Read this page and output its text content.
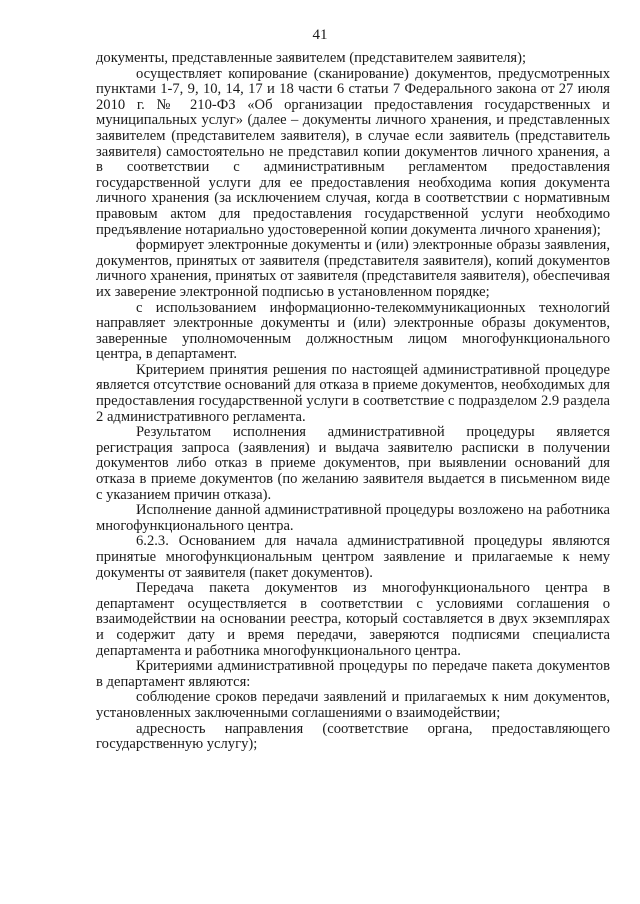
41

документы, представленные заявителем (представителем заявителя);

осуществляет копирование (сканирование) документов, предусмотренных пунктами 1-7, 9, 10, 14, 17 и 18 части 6 статьи 7 Федерального закона от 27 июля 2010 г. № 210-ФЗ «Об организации предоставления государственных и муниципальных услуг» (далее – документы личного хранения, и представленных заявителем (представителем заявителя), в случае если заявитель (представитель заявителя) самостоятельно не представил копии документов личного хранения, а в соответствии с административным регламентом предоставления государственной услуги для ее предоставления необходима копия документа личного хранения (за исключением случая, когда в соответствии с нормативным правовым актом для предоставления государственной услуги необходимо предъявление нотариально удостоверенной копии документа личного хранения);

формирует электронные документы и (или) электронные образы заявления, документов, принятых от заявителя (представителя заявителя), копий документов личного хранения, принятых от заявителя (представителя заявителя), обеспечивая их заверение электронной подписью в установленном порядке;

с использованием информационно-телекоммуникационных технологий направляет электронные документы и (или) электронные образы документов, заверенные уполномоченным должностным лицом многофункционального центра, в департамент.

Критерием принятия решения по настоящей административной процедуре является отсутствие оснований для отказа в приеме документов, необходимых для предоставления государственной услуги в соответствие с подразделом 2.9 раздела 2 административного регламента.

Результатом исполнения административной процедуры является регистрация запроса (заявления) и выдача заявителю расписки в получении документов либо отказ в приеме документов, при выявлении оснований для отказа в приеме документов (по желанию заявителя выдается в письменном виде с указанием причин отказа).

Исполнение данной административной процедуры возложено на работника многофункционального центра.

6.2.3. Основанием для начала административной процедуры являются принятые многофункциональным центром заявление и прилагаемые к нему документы от заявителя (пакет документов).

Передача пакета документов из многофункционального центра в департамент осуществляется в соответствии с условиями соглашения о взаимодействии на основании реестра, который составляется в двух экземплярах и содержит дату и время передачи, заверяются подписями специалиста департамента и работника многофункционального центра.

Критериями административной процедуры по передаче пакета документов в департамент являются:

соблюдение сроков передачи заявлений и прилагаемых к ним документов, установленных заключенными соглашениями о взаимодействии;

адресность направления (соответствие органа, предоставляющего государственную услугу);
